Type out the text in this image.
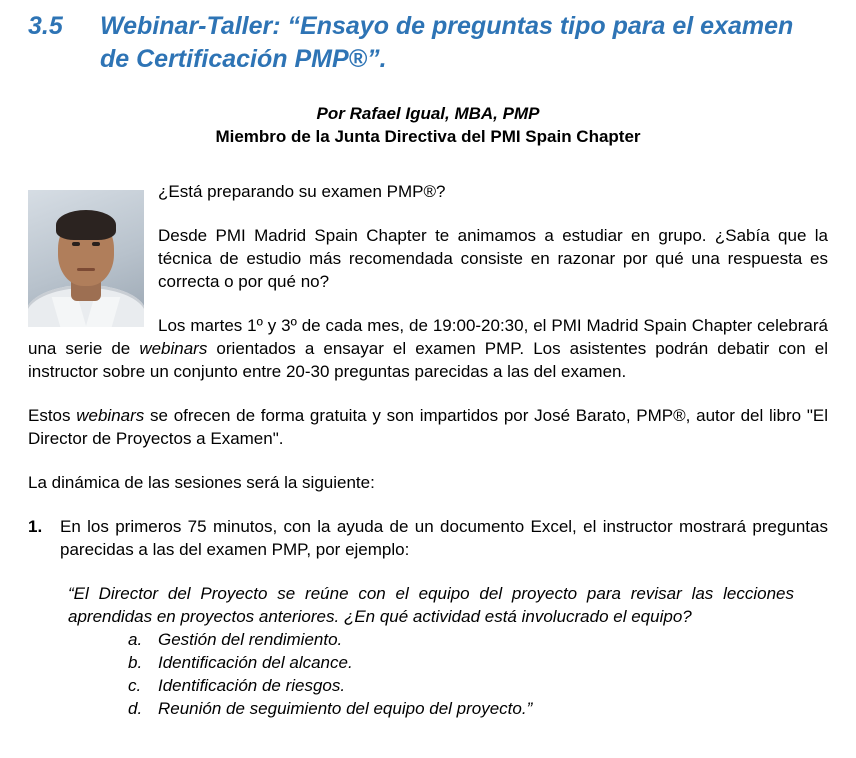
3.5	Webinar-Taller: “Ensayo de preguntas tipo para el examen de Certificación PMP®”.
Por Rafael Igual, MBA, PMP
Miembro de la Junta Directiva del PMI Spain Chapter

¿Está preparando su examen PMP®?

Desde PMI Madrid Spain Chapter te animamos a estudiar en grupo. ¿Sabía que la técnica de estudio más recomendada consiste en razonar por qué una respuesta es correcta o por qué no?

Los martes 1º y 3º de cada mes, de 19:00-20:30, el PMI Madrid Spain Chapter celebrará una serie de webinars orientados a ensayar el examen PMP. Los asistentes podrán debatir con el instructor sobre un conjunto entre 20-30 preguntas parecidas a las del examen.

Estos webinars se ofrecen de forma gratuita y son impartidos por José Barato, PMP®, autor del libro "El Director de Proyectos a Examen".

La dinámica de las sesiones será la siguiente:

1.	En los primeros 75 minutos, con la ayuda de un documento Excel, el instructor mostrará preguntas parecidas a las del examen PMP, por ejemplo:
“El Director del Proyecto se reúne con el equipo del proyecto para revisar las lecciones aprendidas en proyectos anteriores. ¿En qué actividad está involucrado el equipo?
a. Gestión del rendimiento.
b. Identificación del alcance.
c. Identificación de riesgos.
d. Reunión de seguimiento del equipo del proyecto.”
